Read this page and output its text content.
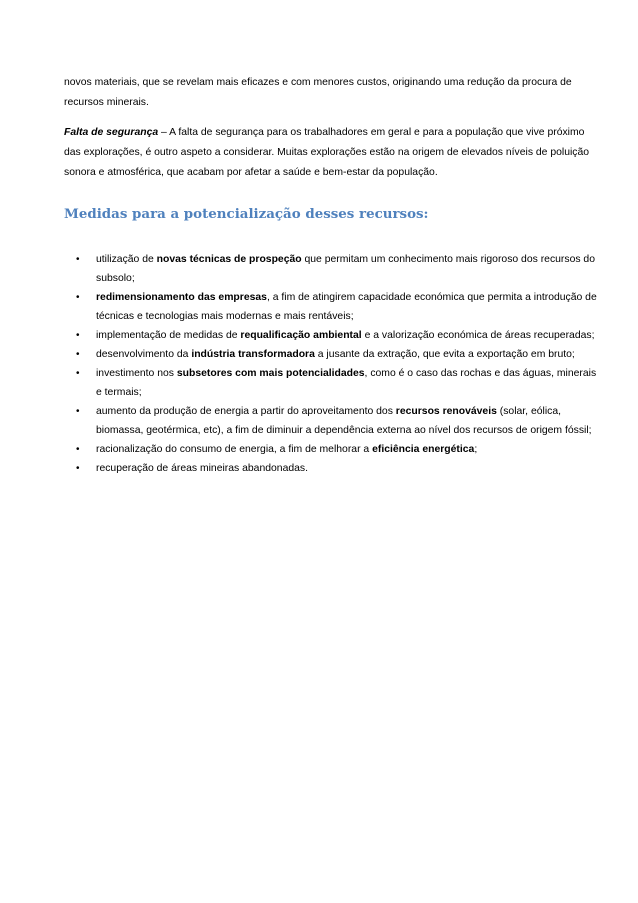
novos materiais, que se revelam mais eficazes e com menores custos, originando uma redução da procura de recursos minerais.

Falta de segurança – A falta de segurança para os trabalhadores em geral e para a população que vive próximo das explorações, é outro aspeto a considerar. Muitas explorações estão na origem de elevados níveis de poluição sonora e atmosférica, que acabam por afetar a saúde e bem-estar da população.

Medidas para a potencialização desses recursos:
• utilização de novas técnicas de prospeção que permitam um conhecimento mais rigoroso dos recursos do subsolo;
• redimensionamento das empresas, a fim de atingirem capacidade económica que permita a introdução de técnicas e tecnologias mais modernas e mais rentáveis;
• implementação de medidas de requalificação ambiental e a valorização económica de áreas recuperadas;
• desenvolvimento da indústria transformadora a jusante da extração, que evita a exportação em bruto;
• investimento nos subsetores com mais potencialidades, como é o caso das rochas e das águas, minerais e termais;
• aumento da produção de energia a partir do aproveitamento dos recursos renováveis (solar, eólica, biomassa, geotérmica, etc), a fim de diminuir a dependência externa ao nível dos recursos de origem fóssil;
• racionalização do consumo de energia, a fim de melhorar a eficiência energética;
• recuperação de áreas mineiras abandonadas.
